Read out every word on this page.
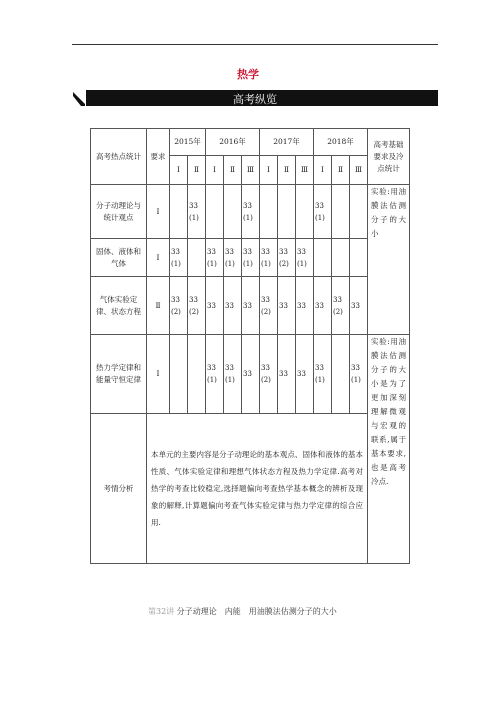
热学
高考纵览
高考热点统计	要求	2015年		2016年			2017年			2018年			高考基础要求及冷点统计
		Ⅰ	Ⅱ	Ⅰ	Ⅱ	Ⅲ	Ⅰ	Ⅱ	Ⅲ	Ⅰ	Ⅱ	Ⅲ	
分子动理论与统计观点	Ⅰ		33(1)			33(1)				33(1)			实验:用油膜法估测分子的大小
固体、液体和气体	Ⅰ	33(1)		33(1)	33(1)	33(1)	33(1)	33(2)	33(1)				
气体实验定律、状态方程	Ⅱ	33(2)	33(2)	33	33	33	33(2)	33	33	33	33(2)	33	
热力学定律和能量守恒定律	Ⅰ			33(1)	33(1)	33	33(2)	33	33	33(1)		33(1)	实验:用油膜法估测分子的大小是为了更加深刻理解微观与宏观的联系,属于基本要求,也是高考冷点.
考情分析	本单元的主要内容是分子动理论的基本观点、固体和液体的基本性质、气体实验定律和理想气体状态方程及热力学定律.高考对热学的考查比较稳定,选择题偏向考查热学基本概念的辨析及现象的解释,计算题偏向考查气体实验定律与热力学定律的综合应用.												
第32讲 分子动理论　内能　用油膜法估测分子的大小
